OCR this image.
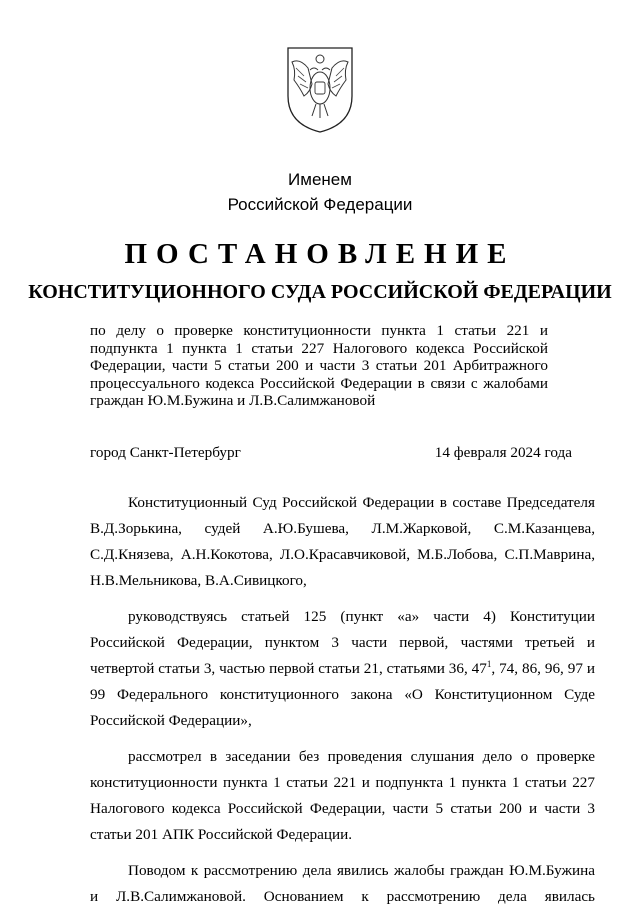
Именем
Российской Федерации
ПОСТАНОВЛЕНИЕ
КОНСТИТУЦИОННОГО СУДА РОССИЙСКОЙ ФЕДЕРАЦИИ
по делу о проверке конституционности пункта 1 статьи 221 и подпункта 1 пункта 1 статьи 227 Налогового кодекса Российской Федерации, части 5 статьи 200 и части 3 статьи 201 Арбитражного процессуального кодекса Российской Федерации в связи с жалобами граждан Ю.М.Бужина и Л.В.Салимжановой
город Санкт-Петербург	14 февраля 2024 года

Конституционный Суд Российской Федерации в составе Председателя В.Д.Зорькина, судей А.Ю.Бушева, Л.М.Жарковой, С.М.Казанцева, С.Д.Князева, А.Н.Кокотова, Л.О.Красавчиковой, М.Б.Лобова, С.П.Маврина, Н.В.Мельникова, В.А.Сивицкого,

руководствуясь статьей 125 (пункт «а» части 4) Конституции Российской Федерации, пунктом 3 части первой, частями третьей и четвертой статьи 3, частью первой статьи 21, статьями 36, $47^1$, 74, 86, 96, 97 и 99 Федерального конституционного закона «О Конституционном Суде Российской Федерации»,

рассмотрел в заседании без проведения слушания дело о проверке конституционности пункта 1 статьи 221 и подпункта 1 пункта 1 статьи 227 Налогового кодекса Российской Федерации, части 5 статьи 200 и части 3 статьи 201 АПК Российской Федерации.

Поводом к рассмотрению дела явились жалобы граждан Ю.М.Бужина и Л.В.Салимжановой. Основанием к рассмотрению дела явилась
